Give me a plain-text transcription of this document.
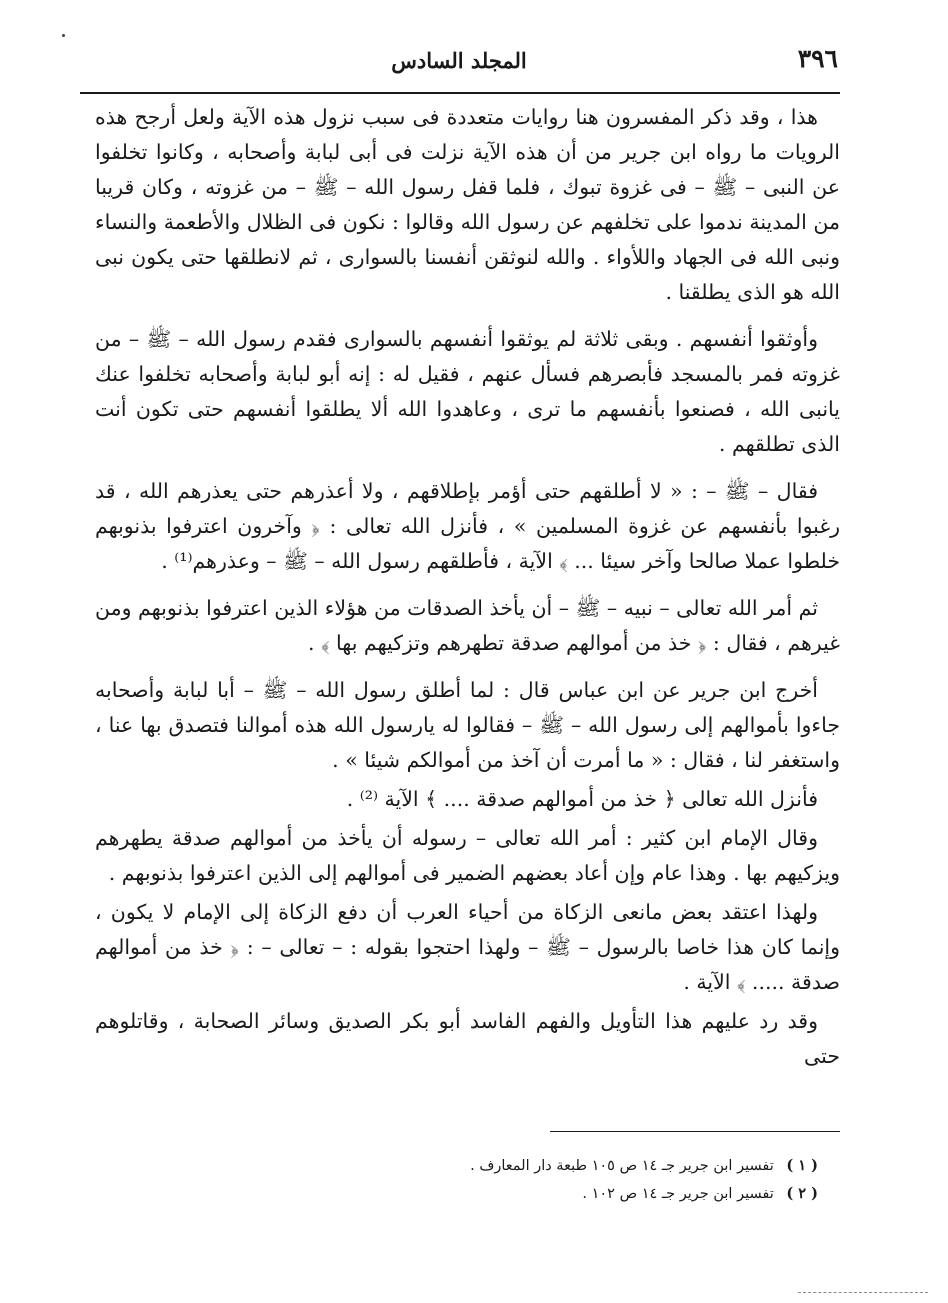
٣٩٦
المجلد السادس

هذا ، وقد ذكر المفسرون هنا روايات متعددة فى سبب نزول هذه الآية ولعل أرجح هذه الرويات ما رواه ابن جرير من أن هذه الآية نزلت فى أبى لبابة وأصحابه ، وكانوا تخلفوا عن النبى – ﷺ – فى غزوة تبوك ، فلما قفل رسول الله – ﷺ – من غزوته ، وكان قريبا من المدينة ندموا على تخلفهم عن رسول الله وقالوا : نكون فى الظلال والأطعمة والنساء ونبى الله فى الجهاد واللأواء . والله لنوثقن أنفسنا بالسوارى ، ثم لانطلقها حتى يكون نبى الله هو الذى يطلقنا .

وأوثقوا أنفسهم . وبقى ثلاثة لم يوثقوا أنفسهم بالسوارى فقدم رسول الله – ﷺ – من غزوته فمر بالمسجد فأبصرهم فسأل عنهم ، فقيل له : إنه أبو لبابة وأصحابه تخلفوا عنك يانبى الله ، فصنعوا بأنفسهم ما ترى ، وعاهدوا الله ألا يطلقوا أنفسهم حتى تكون أنت الذى تطلقهم .

فقال – ﷺ – : « لا أطلقهم حتى أؤمر بإطلاقهم ، ولا أعذرهم حتى يعذرهم الله ، قد رغبوا بأنفسهم عن غزوة المسلمين » ، فأنزل الله تعالى : ﴿ وآخرون اعترفوا بذنوبهم خلطوا عملا صالحا وآخر سيئا ... ﴾ الآية ، فأطلقهم رسول الله – ﷺ – وعذرهم⁽¹⁾ .

ثم أمر الله تعالى – نبيه – ﷺ – أن يأخذ الصدقات من هؤلاء الذين اعترفوا بذنوبهم ومن غيرهم ، فقال : ﴿ خذ من أموالهم صدقة تطهرهم وتزكيهم بها ﴾ .

أخرج ابن جرير عن ابن عباس قال : لما أطلق رسول الله – ﷺ – أبا لبابة وأصحابه جاءوا بأموالهم إلى رسول الله – ﷺ – فقالوا له يارسول الله هذه أموالنا فتصدق بها عنا ، واستغفر لنا ، فقال : « ما أمرت أن آخذ من أموالكم شيئا » .

فأنزل الله تعالى ﴿ خذ من أموالهم صدقة .... ﴾ الآية ⁽²⁾ .

وقال الإمام ابن كثير : أمر الله تعالى – رسوله أن يأخذ من أموالهم صدقة يطهرهم ويزكيهم بها . وهذا عام وإن أعاد بعضهم الضمير فى أموالهم إلى الذين اعترفوا بذنوبهم .

ولهذا اعتقد بعض مانعى الزكاة من أحياء العرب أن دفع الزكاة إلى الإمام لا يكون ، وإنما كان هذا خاصا بالرسول – ﷺ – ولهذا احتجوا بقوله : – تعالى – : ﴿ خذ من أموالهم صدقة ..... ﴾ الآية .

وقد رد عليهم هذا التأويل والفهم الفاسد أبو بكر الصديق وسائر الصحابة ، وقاتلوهم حتى

( ١ ) تفسير ابن جرير جـ ١٤ ص ١٠٥ طبعة دار المعارف .

( ٢ ) تفسير ابن جرير جـ ١٤ ص ١٠٢ .
